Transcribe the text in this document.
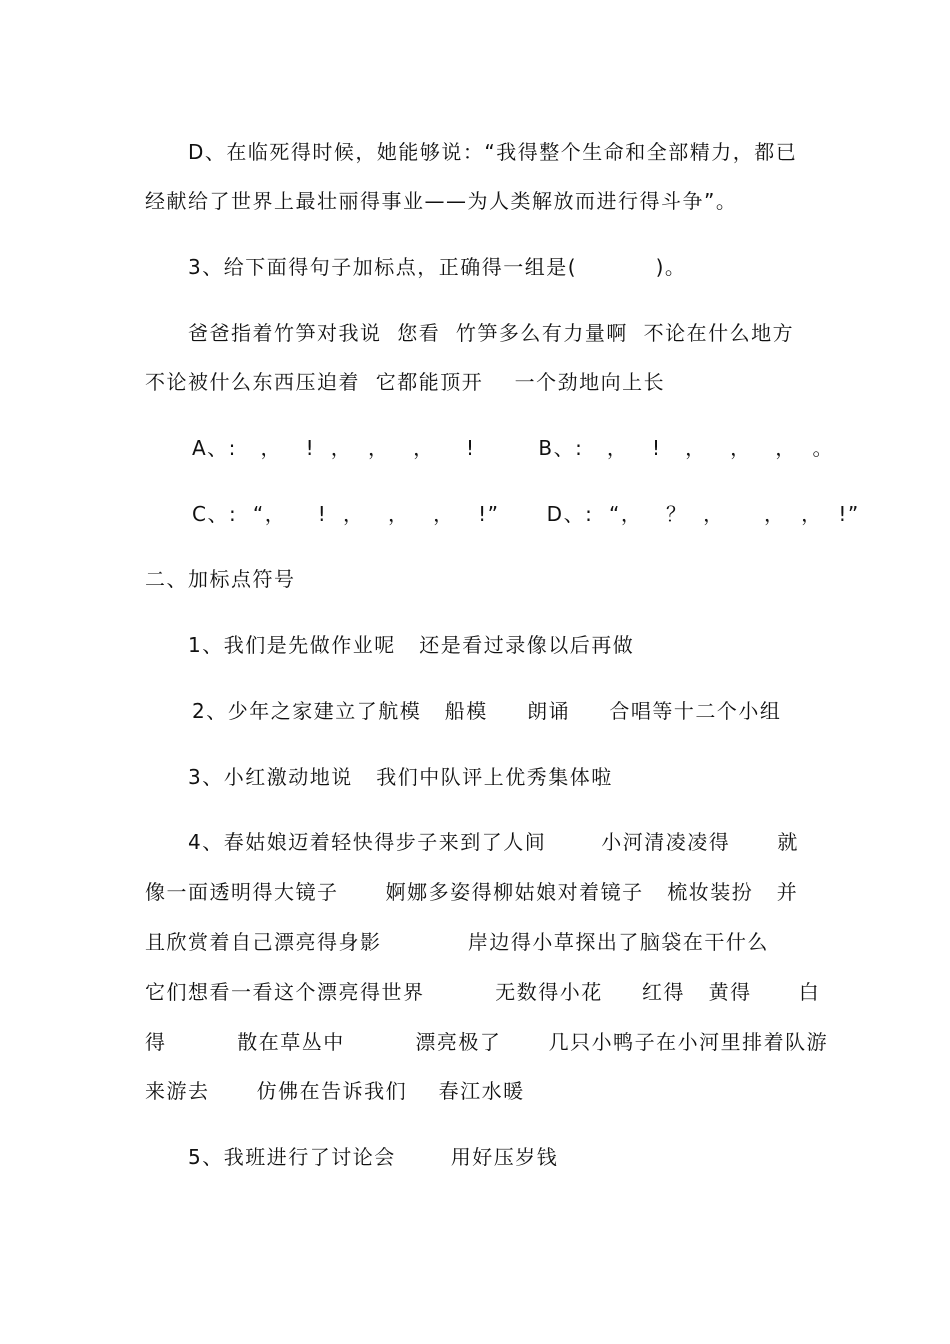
D、在临死得时候，她能够说：“我得整个生命和全部精力，都已
经献给了世界上最壮丽得事业——为人类解放而进行得斗争”。
3、给下面得句子加标点，正确得一组是(          )。
爸爸指着竹笋对我说  您看  竹笋多么有力量啊  不论在什么地方
不论被什么东西压迫着  它都能顶开    一个劲地向上长
A、:   ，   !  ，  ，   ，    !        B、:   ，   !   ，   ，   ，  。
C、:  “，    !  ，   ，   ，   !”      D、:  “，   ？  ，     ，  ，  !”
二、加标点符号
1、我们是先做作业呢   还是看过录像以后再做
2、少年之家建立了航模   船模     朗诵     合唱等十二个小组
3、小红激动地说   我们中队评上优秀集体啦
4、春姑娘迈着轻快得步子来到了人间       小河清凌凌得      就
像一面透明得大镜子      婀娜多姿得柳姑娘对着镜子   梳妆装扮   并
且欣赏着自己漂亮得身影           岸边得小草探出了脑袋在干什么
它们想看一看这个漂亮得世界         无数得小花     红得   黄得      白
得         散在草丛中         漂亮极了      几只小鸭子在小河里排着队游
来游去      仿佛在告诉我们    春江水暖
5、我班进行了讨论会       用好压岁钱
